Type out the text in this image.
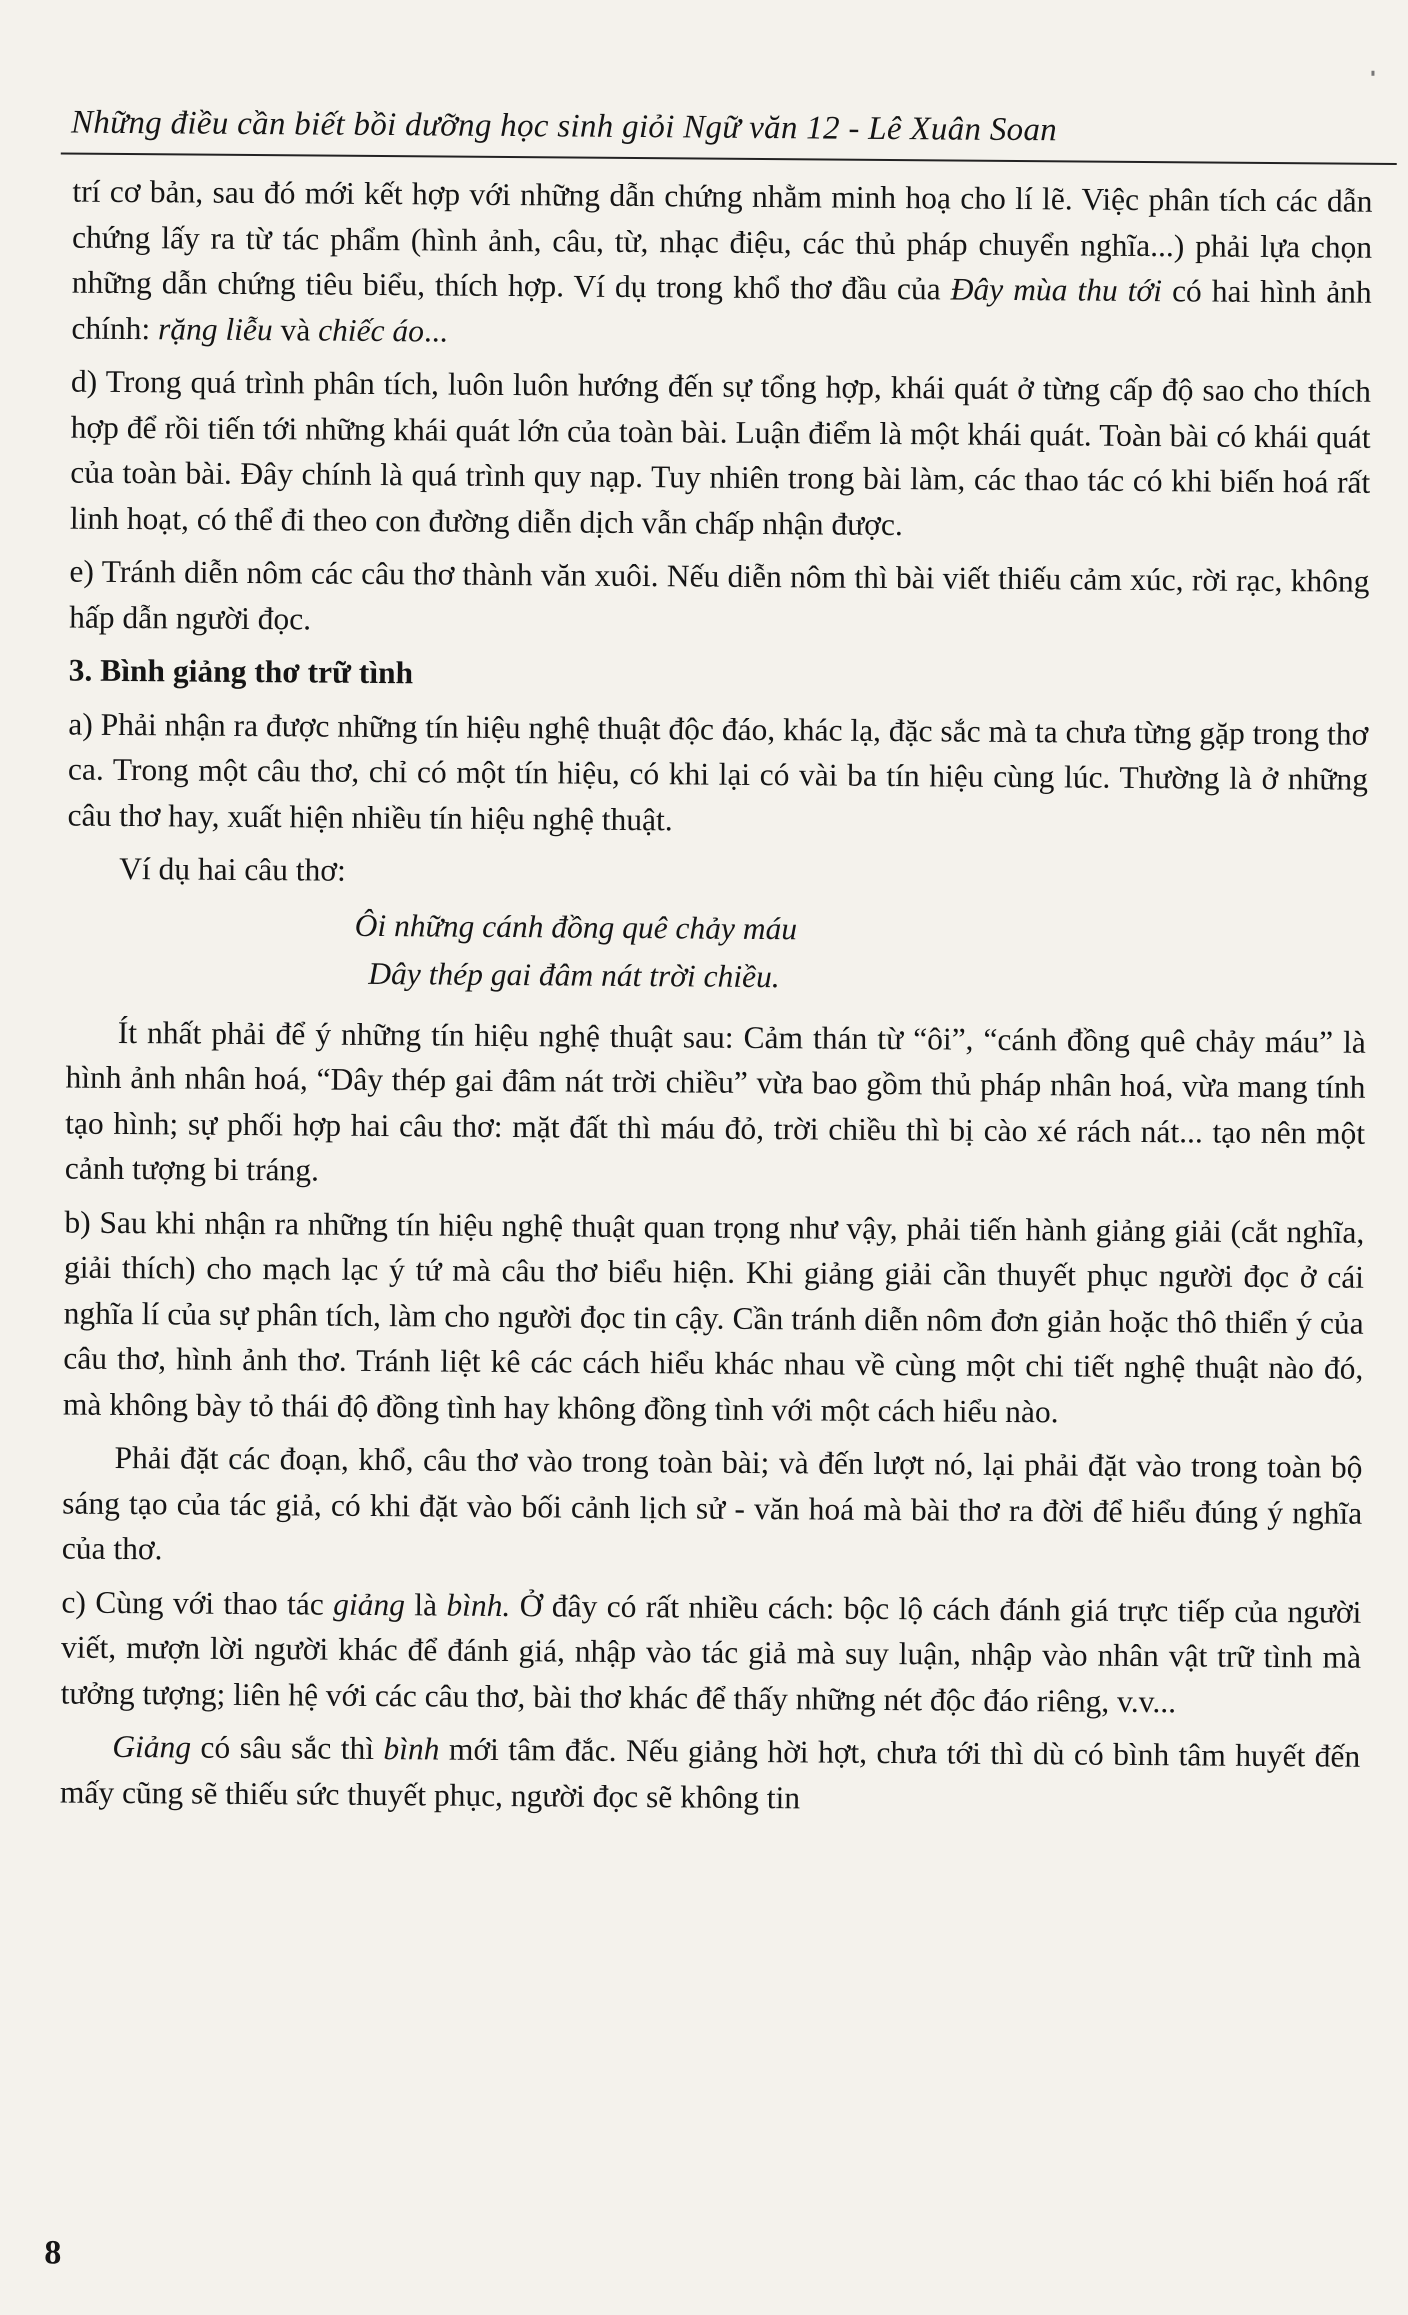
Những điều cần biết bồi dưỡng học sinh giỏi Ngữ văn 12 - Lê Xuân Soan

trí cơ bản, sau đó mới kết hợp với những dẫn chứng nhằm minh hoạ cho lí lẽ. Việc phân tích các dẫn chứng lấy ra từ tác phẩm (hình ảnh, câu, từ, nhạc điệu, các thủ pháp chuyển nghĩa...) phải lựa chọn những dẫn chứng tiêu biểu, thích hợp. Ví dụ trong khổ thơ đầu của Đây mùa thu tới có hai hình ảnh chính: rặng liễu và chiếc áo...

d) Trong quá trình phân tích, luôn luôn hướng đến sự tổng hợp, khái quát ở từng cấp độ sao cho thích hợp để rồi tiến tới những khái quát lớn của toàn bài. Luận điểm là một khái quát. Toàn bài có khái quát của toàn bài. Đây chính là quá trình quy nạp. Tuy nhiên trong bài làm, các thao tác có khi biến hoá rất linh hoạt, có thể đi theo con đường diễn dịch vẫn chấp nhận được.

e) Tránh diễn nôm các câu thơ thành văn xuôi. Nếu diễn nôm thì bài viết thiếu cảm xúc, rời rạc, không hấp dẫn người đọc.

3. Bình giảng thơ trữ tình

a) Phải nhận ra được những tín hiệu nghệ thuật độc đáo, khác lạ, đặc sắc mà ta chưa từng gặp trong thơ ca. Trong một câu thơ, chỉ có một tín hiệu, có khi lại có vài ba tín hiệu cùng lúc. Thường là ở những câu thơ hay, xuất hiện nhiều tín hiệu nghệ thuật.

Ví dụ hai câu thơ:

Ôi những cánh đồng quê chảy máu
Dây thép gai đâm nát trời chiều.

Ít nhất phải để ý những tín hiệu nghệ thuật sau: Cảm thán từ “ôi”, “cánh đồng quê chảy máu” là hình ảnh nhân hoá, “Dây thép gai đâm nát trời chiều” vừa bao gồm thủ pháp nhân hoá, vừa mang tính tạo hình; sự phối hợp hai câu thơ: mặt đất thì máu đỏ, trời chiều thì bị cào xé rách nát... tạo nên một cảnh tượng bi tráng.

b) Sau khi nhận ra những tín hiệu nghệ thuật quan trọng như vậy, phải tiến hành giảng giải (cắt nghĩa, giải thích) cho mạch lạc ý tứ mà câu thơ biểu hiện. Khi giảng giải cần thuyết phục người đọc ở cái nghĩa lí của sự phân tích, làm cho người đọc tin cậy. Cần tránh diễn nôm đơn giản hoặc thô thiển ý của câu thơ, hình ảnh thơ. Tránh liệt kê các cách hiểu khác nhau về cùng một chi tiết nghệ thuật nào đó, mà không bày tỏ thái độ đồng tình hay không đồng tình với một cách hiểu nào.

Phải đặt các đoạn, khổ, câu thơ vào trong toàn bài; và đến lượt nó, lại phải đặt vào trong toàn bộ sáng tạo của tác giả, có khi đặt vào bối cảnh lịch sử - văn hoá mà bài thơ ra đời để hiểu đúng ý nghĩa của thơ.

c) Cùng với thao tác giảng là bình. Ở đây có rất nhiều cách: bộc lộ cách đánh giá trực tiếp của người viết, mượn lời người khác để đánh giá, nhập vào tác giả mà suy luận, nhập vào nhân vật trữ tình mà tưởng tượng; liên hệ với các câu thơ, bài thơ khác để thấy những nét độc đáo riêng, v.v...

Giảng có sâu sắc thì bình mới tâm đắc. Nếu giảng hời hợt, chưa tới thì dù có bình tâm huyết đến mấy cũng sẽ thiếu sức thuyết phục, người đọc sẽ không tin

8
